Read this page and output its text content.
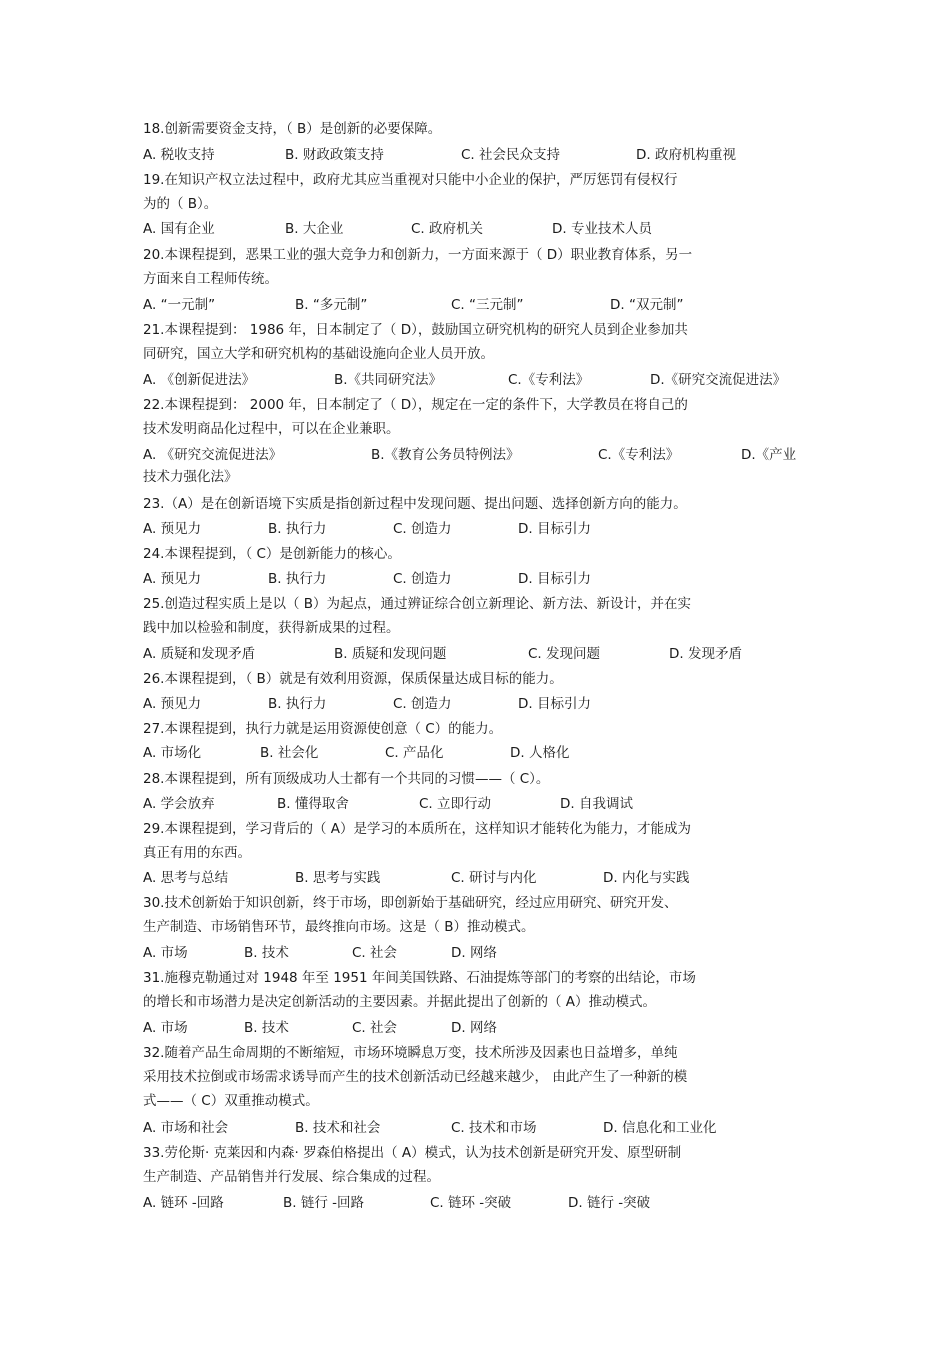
18.创新需要资金支持，（ B）是创新的必要保障。
A. 税收支持	B. 财政政策支持	C. 社会民众支持	D. 政府机构重视
19.在知识产权立法过程中，政府尤其应当重视对只能中小企业的保护，严厉惩罚有侵权行
为的（ B）。
A. 国有企业	B. 大企业	C. 政府机关	D. 专业技术人员
20.本课程提到，恶果工业的强大竞争力和创新力，一方面来源于（ D）职业教育体系，另一
方面来自工程师传统。
A. “一元制”	B. “多元制”	C. “三元制”	D. “双元制”
21.本课程提到： 1986 年，日本制定了（ D），鼓励国立研究机构的研究人员到企业参加共
同研究，国立大学和研究机构的基础设施向企业人员开放。
A. 《创新促进法》	B.《共同研究法》	C.《专利法》	D.《研究交流促进法》
22.本课程提到： 2000 年，日本制定了（ D），规定在一定的条件下，大学教员在将自己的
技术发明商品化过程中，可以在企业兼职。
A. 《研究交流促进法》	B.《教育公务员特例法》	C.《专利法》	D.《产业
技术力强化法》
23.（A）是在创新语境下实质是指创新过程中发现问题、提出问题、选择创新方向的能力。
A. 预见力	B. 执行力	C. 创造力	D. 目标引力
24.本课程提到，（ C）是创新能力的核心。
A. 预见力	B. 执行力	C. 创造力	D. 目标引力
25.创造过程实质上是以（ B）为起点，通过辨证综合创立新理论、新方法、新设计，并在实
践中加以检验和制度，获得新成果的过程。
A. 质疑和发现矛盾	B. 质疑和发现问题	C. 发现问题	D. 发现矛盾
26.本课程提到，（ B）就是有效利用资源，保质保量达成目标的能力。
A. 预见力	B. 执行力	C. 创造力	D. 目标引力
27.本课程提到，执行力就是运用资源使创意（ C）的能力。
A. 市场化	B. 社会化	C. 产品化	D. 人格化
28.本课程提到，所有顶级成功人士都有一个共同的习惯——（ C）。
A. 学会放弃	B. 懂得取舍	C. 立即行动	D. 自我调试
29.本课程提到，学习背后的（ A）是学习的本质所在，这样知识才能转化为能力，才能成为
真正有用的东西。
A. 思考与总结	B. 思考与实践	C. 研讨与内化	D. 内化与实践
30.技术创新始于知识创新，终于市场，即创新始于基础研究，经过应用研究、研究开发、
生产制造、市场销售环节，最终推向市场。这是（ B）推动模式。
A. 市场	B. 技术	C. 社会	D. 网络
31.施穆克勒通过对 1948 年至 1951 年间美国铁路、石油提炼等部门的考察的出结论，市场
的增长和市场潜力是决定创新活动的主要因素。并据此提出了创新的（ A）推动模式。
A. 市场	B. 技术	C. 社会	D. 网络
32.随着产品生命周期的不断缩短，市场环境瞬息万变，技术所涉及因素也日益增多，单纯
采用技术拉倒或市场需求诱导而产生的技术创新活动已经越来越少， 由此产生了一种新的模
式——（ C）双重推动模式。
A. 市场和社会	B. 技术和社会	C. 技术和市场	D. 信息化和工业化
33.劳伦斯· 克莱因和内森· 罗森伯格提出（ A）模式，认为技术创新是研究开发、原型研制
生产制造、产品销售并行发展、综合集成的过程。
A. 链环 -回路	B. 链行 -回路	C. 链环 -突破	D. 链行 -突破
